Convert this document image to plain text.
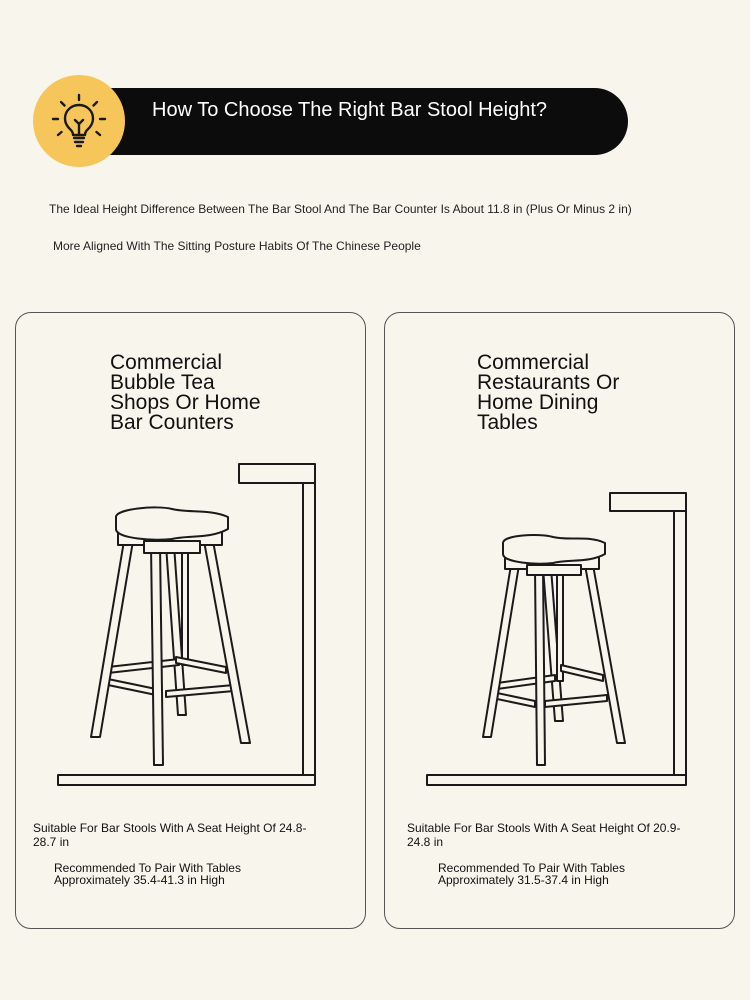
How To Choose The Right Bar Stool Height?
The Ideal Height Difference Between The Bar Stool And The Bar Counter Is About 11.8 in (Plus Or Minus 2 in)
More Aligned With The Sitting Posture Habits Of The Chinese People
Commercial
Bubble Tea
Shops Or Home
Bar Counters
Suitable For Bar Stools With A Seat Height Of 24.8-28.7 in
Recommended To Pair With Tables Approximately 35.4-41.3 in High
Commercial
Restaurants Or
Home Dining
Tables
Suitable For Bar Stools With A Seat Height Of 20.9-24.8 in
Recommended To Pair With Tables Approximately 31.5-37.4 in High
